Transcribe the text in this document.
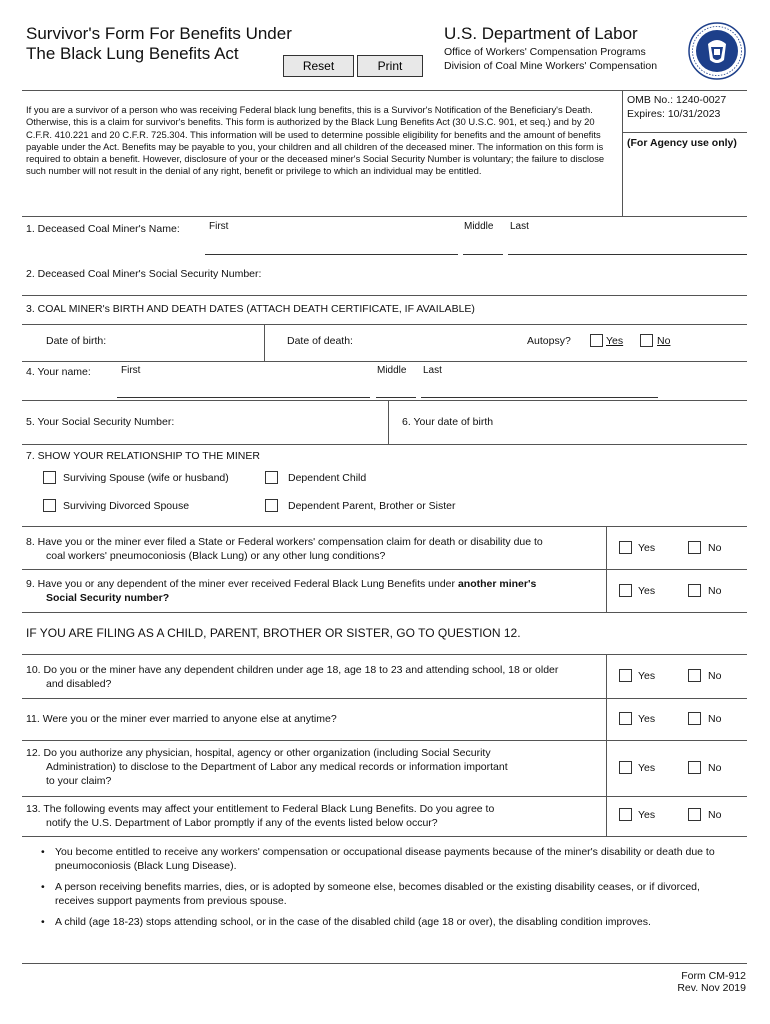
Survivor's Form For Benefits Under
The Black Lung Benefits Act
Reset	Print
U.S. Department of Labor
Office of Workers' Compensation Programs
Division of Coal Mine Workers' Compensation
If you are a survivor of a person who was receiving Federal black lung benefits, this is a Survivor's Notification of the Beneficiary's Death. Otherwise, this is a claim for survivor's benefits. This form is authorized by the Black Lung Benefits Act (30 U.S.C. 901, et seq.) and by 20 C.F.R. 410.221 and 20 C.F.R. 725.304. This information will be used to determine possible eligibility for benefits and the amount of benefits payable under the Act. Benefits may be payable to you, your children and all children of the deceased miner. The information on this form is required to obtain a benefit. However, disclosure of your or the deceased miner's Social Security Number is voluntary; the failure to disclose such number will not result in the denial of any right, benefit or privilege to which an individual may be entitled.
OMB No.: 1240-0027
Expires: 10/31/2023
(For Agency use only)
1. Deceased Coal Miner's Name:	First	Middle Last
2. Deceased Coal Miner's Social Security Number:
3. COAL MINER's BIRTH AND DEATH DATES (ATTACH DEATH CERTIFICATE, IF AVAILABLE)
Date of birth:	Date of death:	Autopsy?	Yes	No
4. Your name:	First	Middle Last
5. Your Social Security Number:	6. Your date of birth
7. SHOW YOUR RELATIONSHIP TO THE MINER
Surviving Spouse (wife or husband)	Dependent Child
Surviving Divorced Spouse	Dependent Parent, Brother or Sister
8. Have you or the miner ever filed a State or Federal workers' compensation claim for death or disability due to
coal workers' pneumoconiosis (Black Lung) or any other lung conditions?
Yes	No
9. Have you or any dependent of the miner ever received Federal Black Lung Benefits under another miner's
Social Security number?
Yes	No
IF YOU ARE FILING AS A CHILD, PARENT, BROTHER OR SISTER, GO TO QUESTION 12.
10. Do you or the miner have any dependent children under age 18, age 18 to 23 and attending school, 18 or older
and disabled?
Yes	No
11. Were you or the miner ever married to anyone else at anytime?	Yes	No
12. Do you authorize any physician, hospital, agency or other organization (including Social Security
Administration) to disclose to the Department of Labor any medical records or information important
to your claim?
Yes	No
13. The following events may affect your entitlement to Federal Black Lung Benefits. Do you agree to
notify the U.S. Department of Labor promptly if any of the events listed below occur?
Yes	No
• You become entitled to receive any workers' compensation or occupational disease payments because of the miner's disability or death due to pneumoconiosis (Black Lung Disease).
• A person receiving benefits marries, dies, or is adopted by someone else, becomes disabled or the existing disability ceases, or if divorced, receives support payments from previous spouse.
• A child (age 18-23) stops attending school, or in the case of the disabled child (age 18 or over), the disabling condition improves.
Form CM-912
Rev. Nov 2019
